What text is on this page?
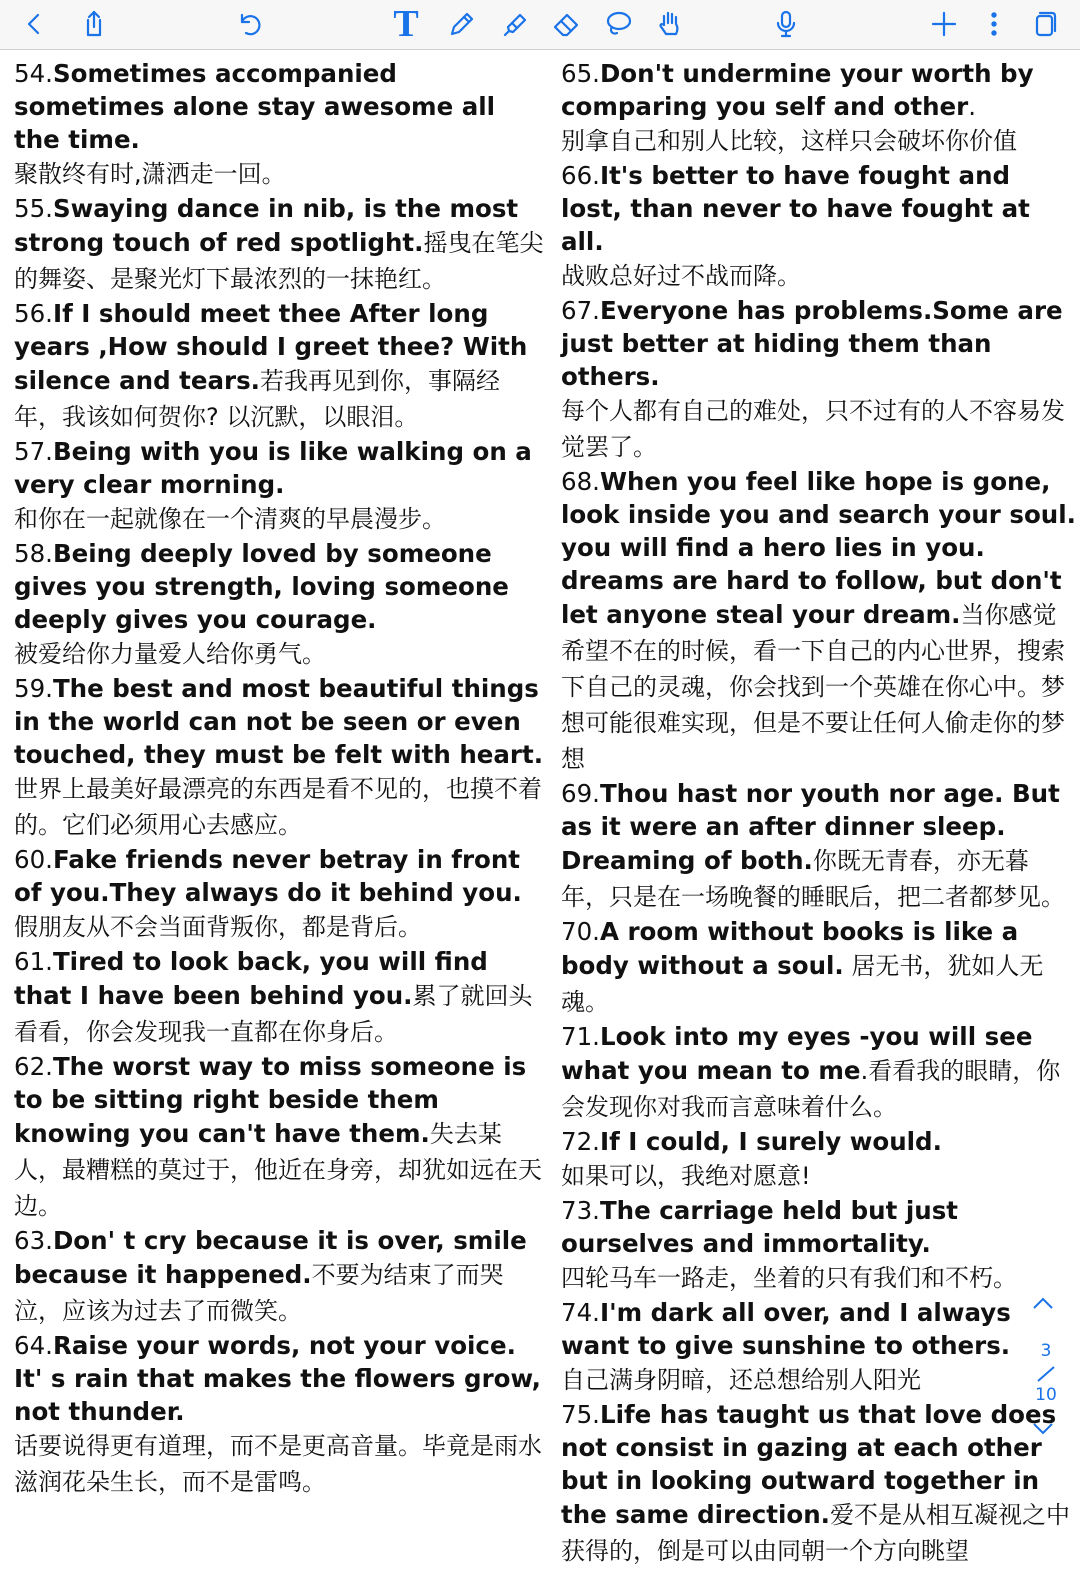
T
54.Sometimes accompanied sometimes alone stay awesome all the time.
聚散终有时,潇洒走一回。
55.Swaying dance in nib, is the most strong touch of red spotlight.摇曳在笔尖的舞姿、是聚光灯下最浓烈的一抹艳红。
56.If I should meet thee After long years ,How should I greet thee? With silence and tears.若我再见到你，事隔经年，我该如何贺你? 以沉默，以眼泪。
57.Being with you is like walking on a very clear morning.
和你在一起就像在一个清爽的早晨漫步。
58.Being deeply loved by someone gives you strength, loving someone deeply gives you courage.
被爱给你力量爱人给你勇气。
59.The best and most beautiful things in the world can not be seen or even touched, they must be felt with heart.
世界上最美好最漂亮的东西是看不见的，也摸不着的。它们必须用心去感应。
60.Fake friends never betray in front of you.They always do it behind you.
假朋友从不会当面背叛你，都是背后。
61.Tired to look back, you will find that I have been behind you.累了就回头看看，你会发现我一直都在你身后。
62.The worst way to miss someone is to be sitting right beside them knowing you can't have them.失去某人，最糟糕的莫过于，他近在身旁，却犹如远在天边。
63.Don' t cry because it is over, smile because it happened.不要为结束了而哭泣，应该为过去了而微笑。
64.Raise your words, not your voice. It' s rain that makes the flowers grow, not thunder.
话要说得更有道理，而不是更高音量。毕竟是雨水滋润花朵生长，而不是雷鸣。
65.Don't undermine your worth by comparing you self and other.
别拿自己和别人比较，这样只会破坏你价值
66.It's better to have fought and lost, than never to have fought at all.
战败总好过不战而降。
67.Everyone has problems.Some are just better at hiding them than others.
每个人都有自己的难处，只不过有的人不容易发觉罢了。
68.When you feel like hope is gone, look inside you and search your soul. you will find a hero lies in you. dreams are hard to follow, but don't let anyone steal your dream.当你感觉希望不在的时候，看一下自己的内心世界，搜索下自己的灵魂，你会找到一个英雄在你心中。梦想可能很难实现，但是不要让任何人偷走你的梦想
69.Thou hast nor youth nor age. But as it were an after dinner sleep. Dreaming of both.你既无青春，亦无暮年，只是在一场晚餐的睡眠后，把二者都梦见。
70.A room without books is like a body without a soul. 居无书，犹如人无魂。
71.Look into my eyes -you will see what you mean to me.看看我的眼睛，你会发现你对我而言意味着什么。
72.If I could, I surely would.
如果可以，我绝对愿意!
73.The carriage held but just ourselves and immortality.
四轮马车一路走，坐着的只有我们和不朽。
74.I'm dark all over, and I always want to give sunshine to others.
自己满身阴暗，还总想给别人阳光
75.Life has taught us that love does not consist in gazing at each other but in looking outward together in the same direction.爱不是从相互凝视之中获得的，倒是可以由同朝一个方向眺望
3
10
